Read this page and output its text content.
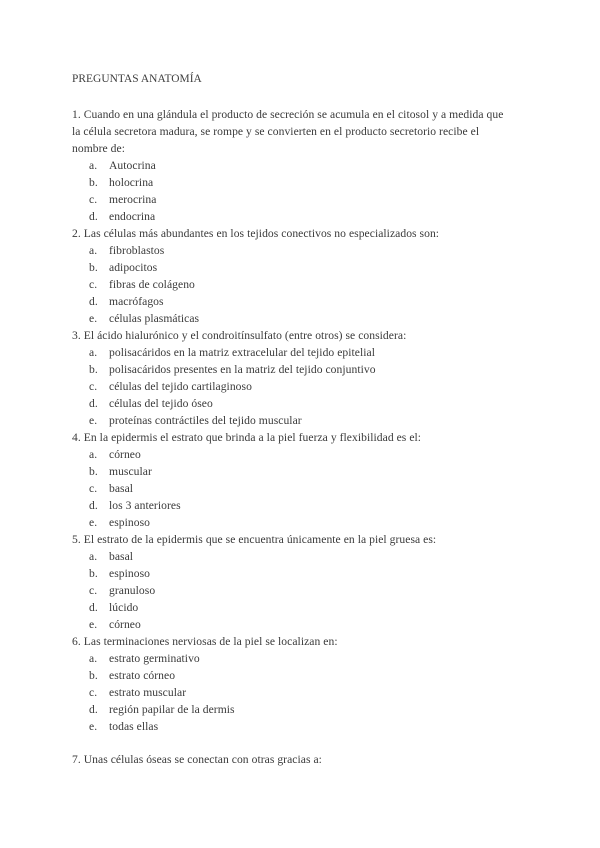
PREGUNTAS ANATOMÍA

1. Cuando en una glándula el producto de secreción se acumula en el citosol y a medida que

la célula secretora madura, se rompe y se convierten en el producto secretorio recibe el

nombre de:

a. Autocrina
b. holocrina
c. merocrina
d. endocrina

2. Las células más abundantes en los tejidos conectivos no especializados son:

a. fibroblastos
b. adipocitos
c. fibras de colágeno
d. macrófagos
e. células plasmáticas

3. El ácido hialurónico y el condroitínsulfato (entre otros) se considera:

a. polisacáridos en la matriz extracelular del tejido epitelial
b. polisacáridos presentes en la matriz del tejido conjuntivo
c. células del tejido cartilaginoso
d. células del tejido óseo
e. proteínas contráctiles del tejido muscular

4. En la epidermis el estrato que brinda a la piel fuerza y flexibilidad es el:

a. córneo
b. muscular
c. basal
d. los 3 anteriores
e. espinoso

5. El estrato de la epidermis que se encuentra únicamente en la piel gruesa es:

a. basal
b. espinoso
c. granuloso
d. lúcido
e. córneo

6. Las terminaciones nerviosas de la piel se localizan en:

a. estrato germinativo
b. estrato córneo
c. estrato muscular
d. región papilar de la dermis
e. todas ellas

7. Unas células óseas se conectan con otras gracias a:
